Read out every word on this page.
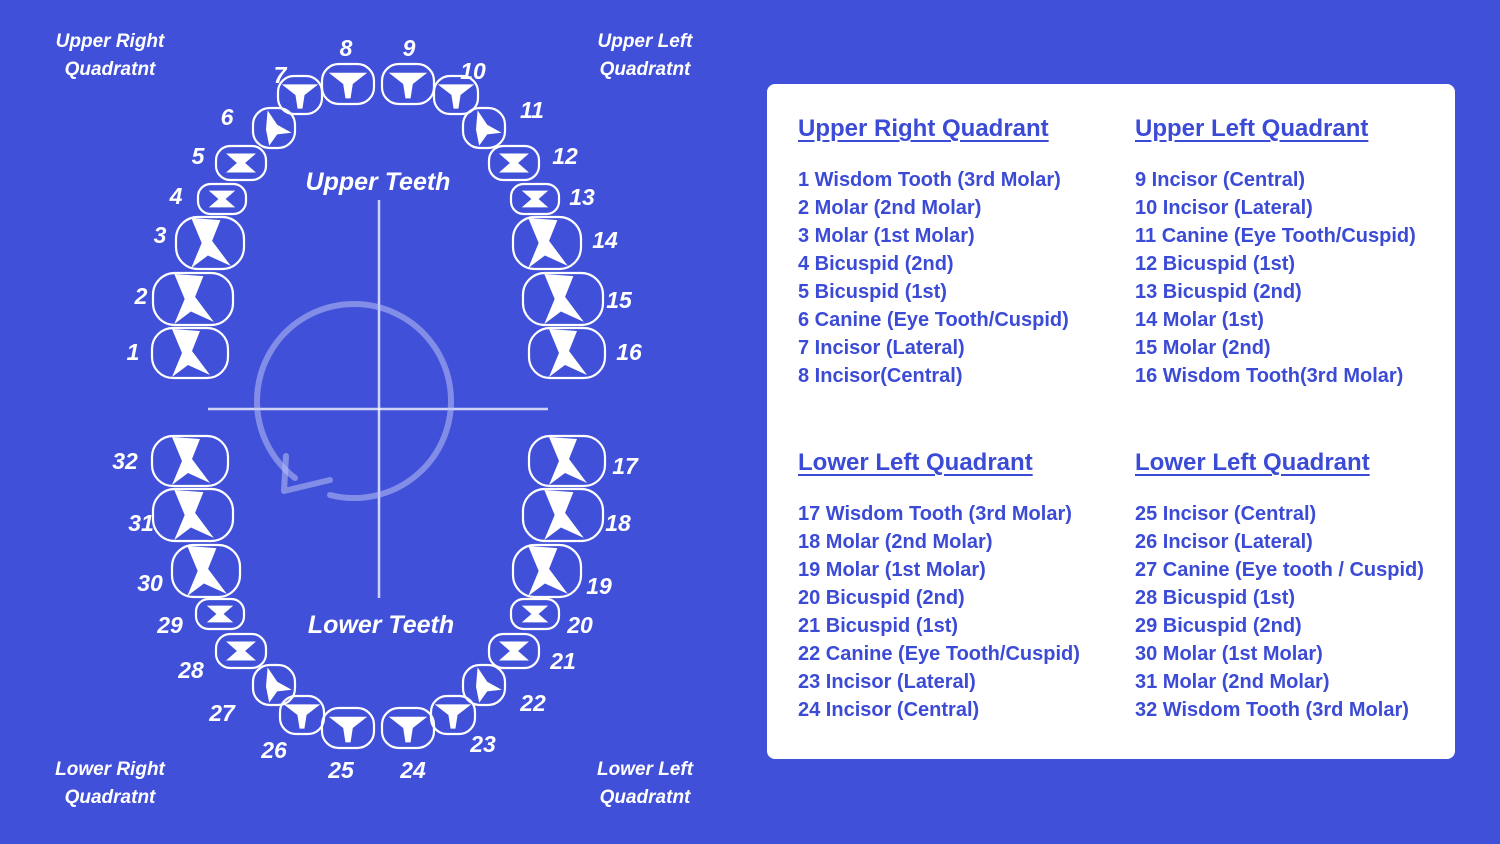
1
2
3
4
5
6
7
8 9
10
11
12
13
14
15
16
17
18
19
20
21
22
23
24
25
26
27
28
29
30
31
32
Upper Teeth
Lower Teeth
Upper Right
Quadratnt
Upper Left
Quadratnt
Lower Right
Quadratnt
Lower Left
Quadratnt
Upper Right Quadrant
1 Wisdom Tooth (3rd Molar)
2 Molar (2nd Molar)
3 Molar (1st Molar)
4 Bicuspid (2nd)
5 Bicuspid (1st)
6 Canine (Eye Tooth/Cuspid)
7 Incisor (Lateral)
8 Incisor(Central)
Upper Left Quadrant
9 Incisor (Central)
10 Incisor (Lateral)
11 Canine (Eye Tooth/Cuspid)
12 Bicuspid (1st)
13 Bicuspid (2nd)
14 Molar (1st)
15 Molar (2nd)
16 Wisdom Tooth(3rd Molar)
Lower Left Quadrant
17 Wisdom Tooth (3rd Molar)
18 Molar (2nd Molar)
19 Molar (1st Molar)
20 Bicuspid (2nd)
21 Bicuspid (1st)
22 Canine (Eye Tooth/Cuspid)
23 Incisor (Lateral)
24 Incisor (Central)
Lower Left Quadrant
25 Incisor (Central)
26 Incisor (Lateral)
27 Canine (Eye tooth / Cuspid)
28 Bicuspid (1st)
29 Bicuspid (2nd)
30 Molar (1st Molar)
31 Molar (2nd Molar)
32 Wisdom Tooth (3rd Molar)
